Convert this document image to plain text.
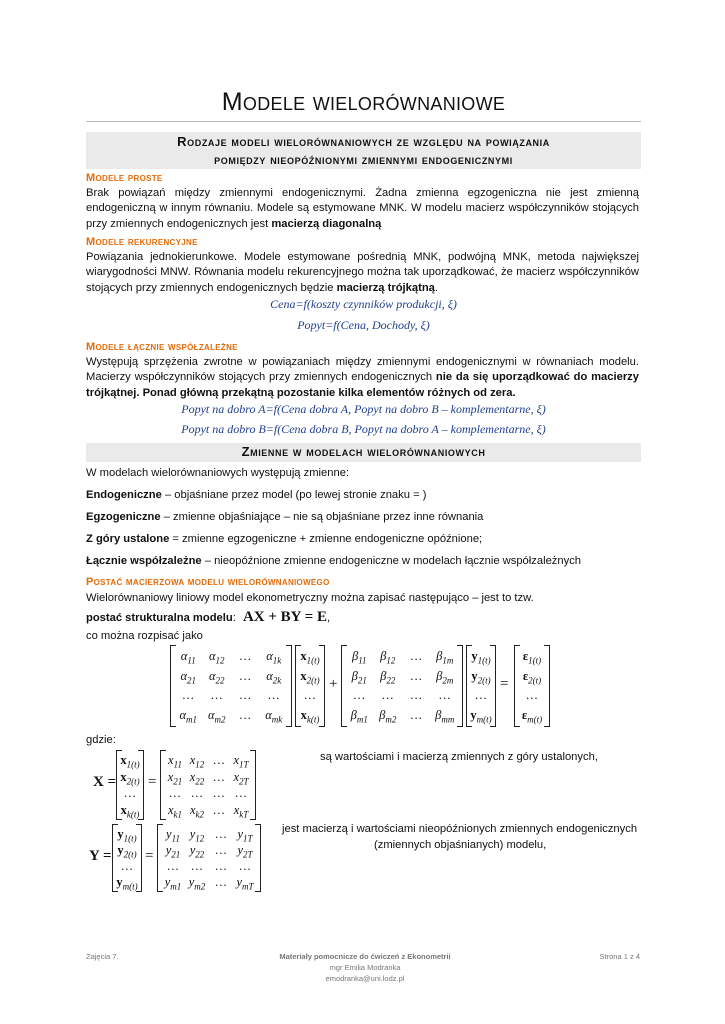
Modele wielorównaniowe
Rodzaje modeli wielorównaniowych ze względu na powiązania
pomiędzy nieopóźnionymi zmiennymi endogenicznymi
Modele proste
Brak powiązań między zmiennymi endogenicznymi. Żadna zmienna egzogeniczna nie jest zmienną endogeniczną w innym równaniu. Modele są estymowane MNK. W modelu macierz współczynników stojących przy zmiennych endogenicznych jest macierzą diagonalną
Modele rekurencyjne
Powiązania jednokierunkowe. Modele estymowane pośrednią MNK, podwójną MNK, metoda największej wiarygodności MNW. Równania modelu rekurencyjnego można tak uporządkować, że macierz współczynników stojących przy zmiennych endogenicznych będzie macierzą trójkątną.
Cena=f(koszty czynników produkcji, ξ)
Popyt=f(Cena, Dochody, ξ)
Modele łącznie współzależne
Występują sprzężenia zwrotne w powiązaniach między zmiennymi endogenicznymi w równaniach modelu. Macierzy współczynników stojących przy zmiennych endogenicznych nie da się uporządkować do macierzy trójkątnej. Ponad główną przekątną pozostanie kilka elementów różnych od zera.
Popyt na dobro A=f(Cena dobra A, Popyt na dobro B – komplementarne, ξ)
Popyt na dobro B=f(Cena dobra B, Popyt na dobro A – komplementarne, ξ)
Zmienne w modelach wielorównaniowych
W modelach wielorównaniowych występują zmienne:
Endogeniczne – objaśniane przez model (po lewej stronie znaku = )
Egzogeniczne – zmienne objaśniające – nie są objaśniane przez inne równania
Z góry ustalone = zmienne egzogeniczne + zmienne endogeniczne opóźnione;
Łącznie współzależne – nieopóźnione zmienne endogeniczne w modelach łącznie współzależnych
Postać macierzowa modelu wielorównaniowego
Wielorównaniowy liniowy model ekonometryczny można zapisać następująco – jest to tzw.
postać strukturalna modelu: AX + BY = E,
co można rozpisać jako
$\alpha_{11}$	$\alpha_{12}$	…	$\alpha_{1k}$
$\alpha_{21}$	$\alpha_{22}$	…	$\alpha_{2k}$
…	…	…	…
$\alpha_{m1}$ $\alpha_{m2}$	…	$\alpha_{mk}$
$x_{1(t)}$
$x_{2(t)}$
…
$x_{k(t)}$
+
$\beta_{11}$	$\beta_{12}$	…	$\beta_{1m}$
$\beta_{21}$	$\beta_{22}$	…	$\beta_{2m}$
…	…	…	…
$\beta_{m1}$ $\beta_{m2}$	…	$\beta_{mm}$
$y_{1(t)}$
$y_{2(t)}$
…
$y_{m(t)}$
=
$\varepsilon_{1(t)}$
$\varepsilon_{2(t)}$
…
$\varepsilon_{m(t)}$
gdzie:
X =
$x_{1(t)}$
$x_{2(t)}$
…
$x_{k(t)}$
=
$x_{11}$ $x_{12}$ … $x_{1T}$
$x_{21}$ $x_{22}$ … $x_{2T}$
… … … …
$x_{k1}$ $x_{k2}$ … $x_{kT}$
są wartościami i macierzą zmiennych z góry ustalonych,
Y =
$y_{1(t)}$
$y_{2(t)}$
…
$y_{m(t)}$
=
$y_{11}$ $y_{12}$ … $y_{1T}$
$y_{21}$ $y_{22}$ … $y_{2T}$
…	…	…	…
$y_{m1}$ $y_{m2}$ … $y_{mT}$
jest macierzą i wartościami nieopóźnionych zmiennych endogenicznych
(zmiennych objaśnianych) modelu,
Zajęcia 7.	Materiały pomocnicze do ćwiczeń z Ekonometrii
mgr Emilia Modranka
emodranka@uni.lodz.pl
Strona 1 z 4
